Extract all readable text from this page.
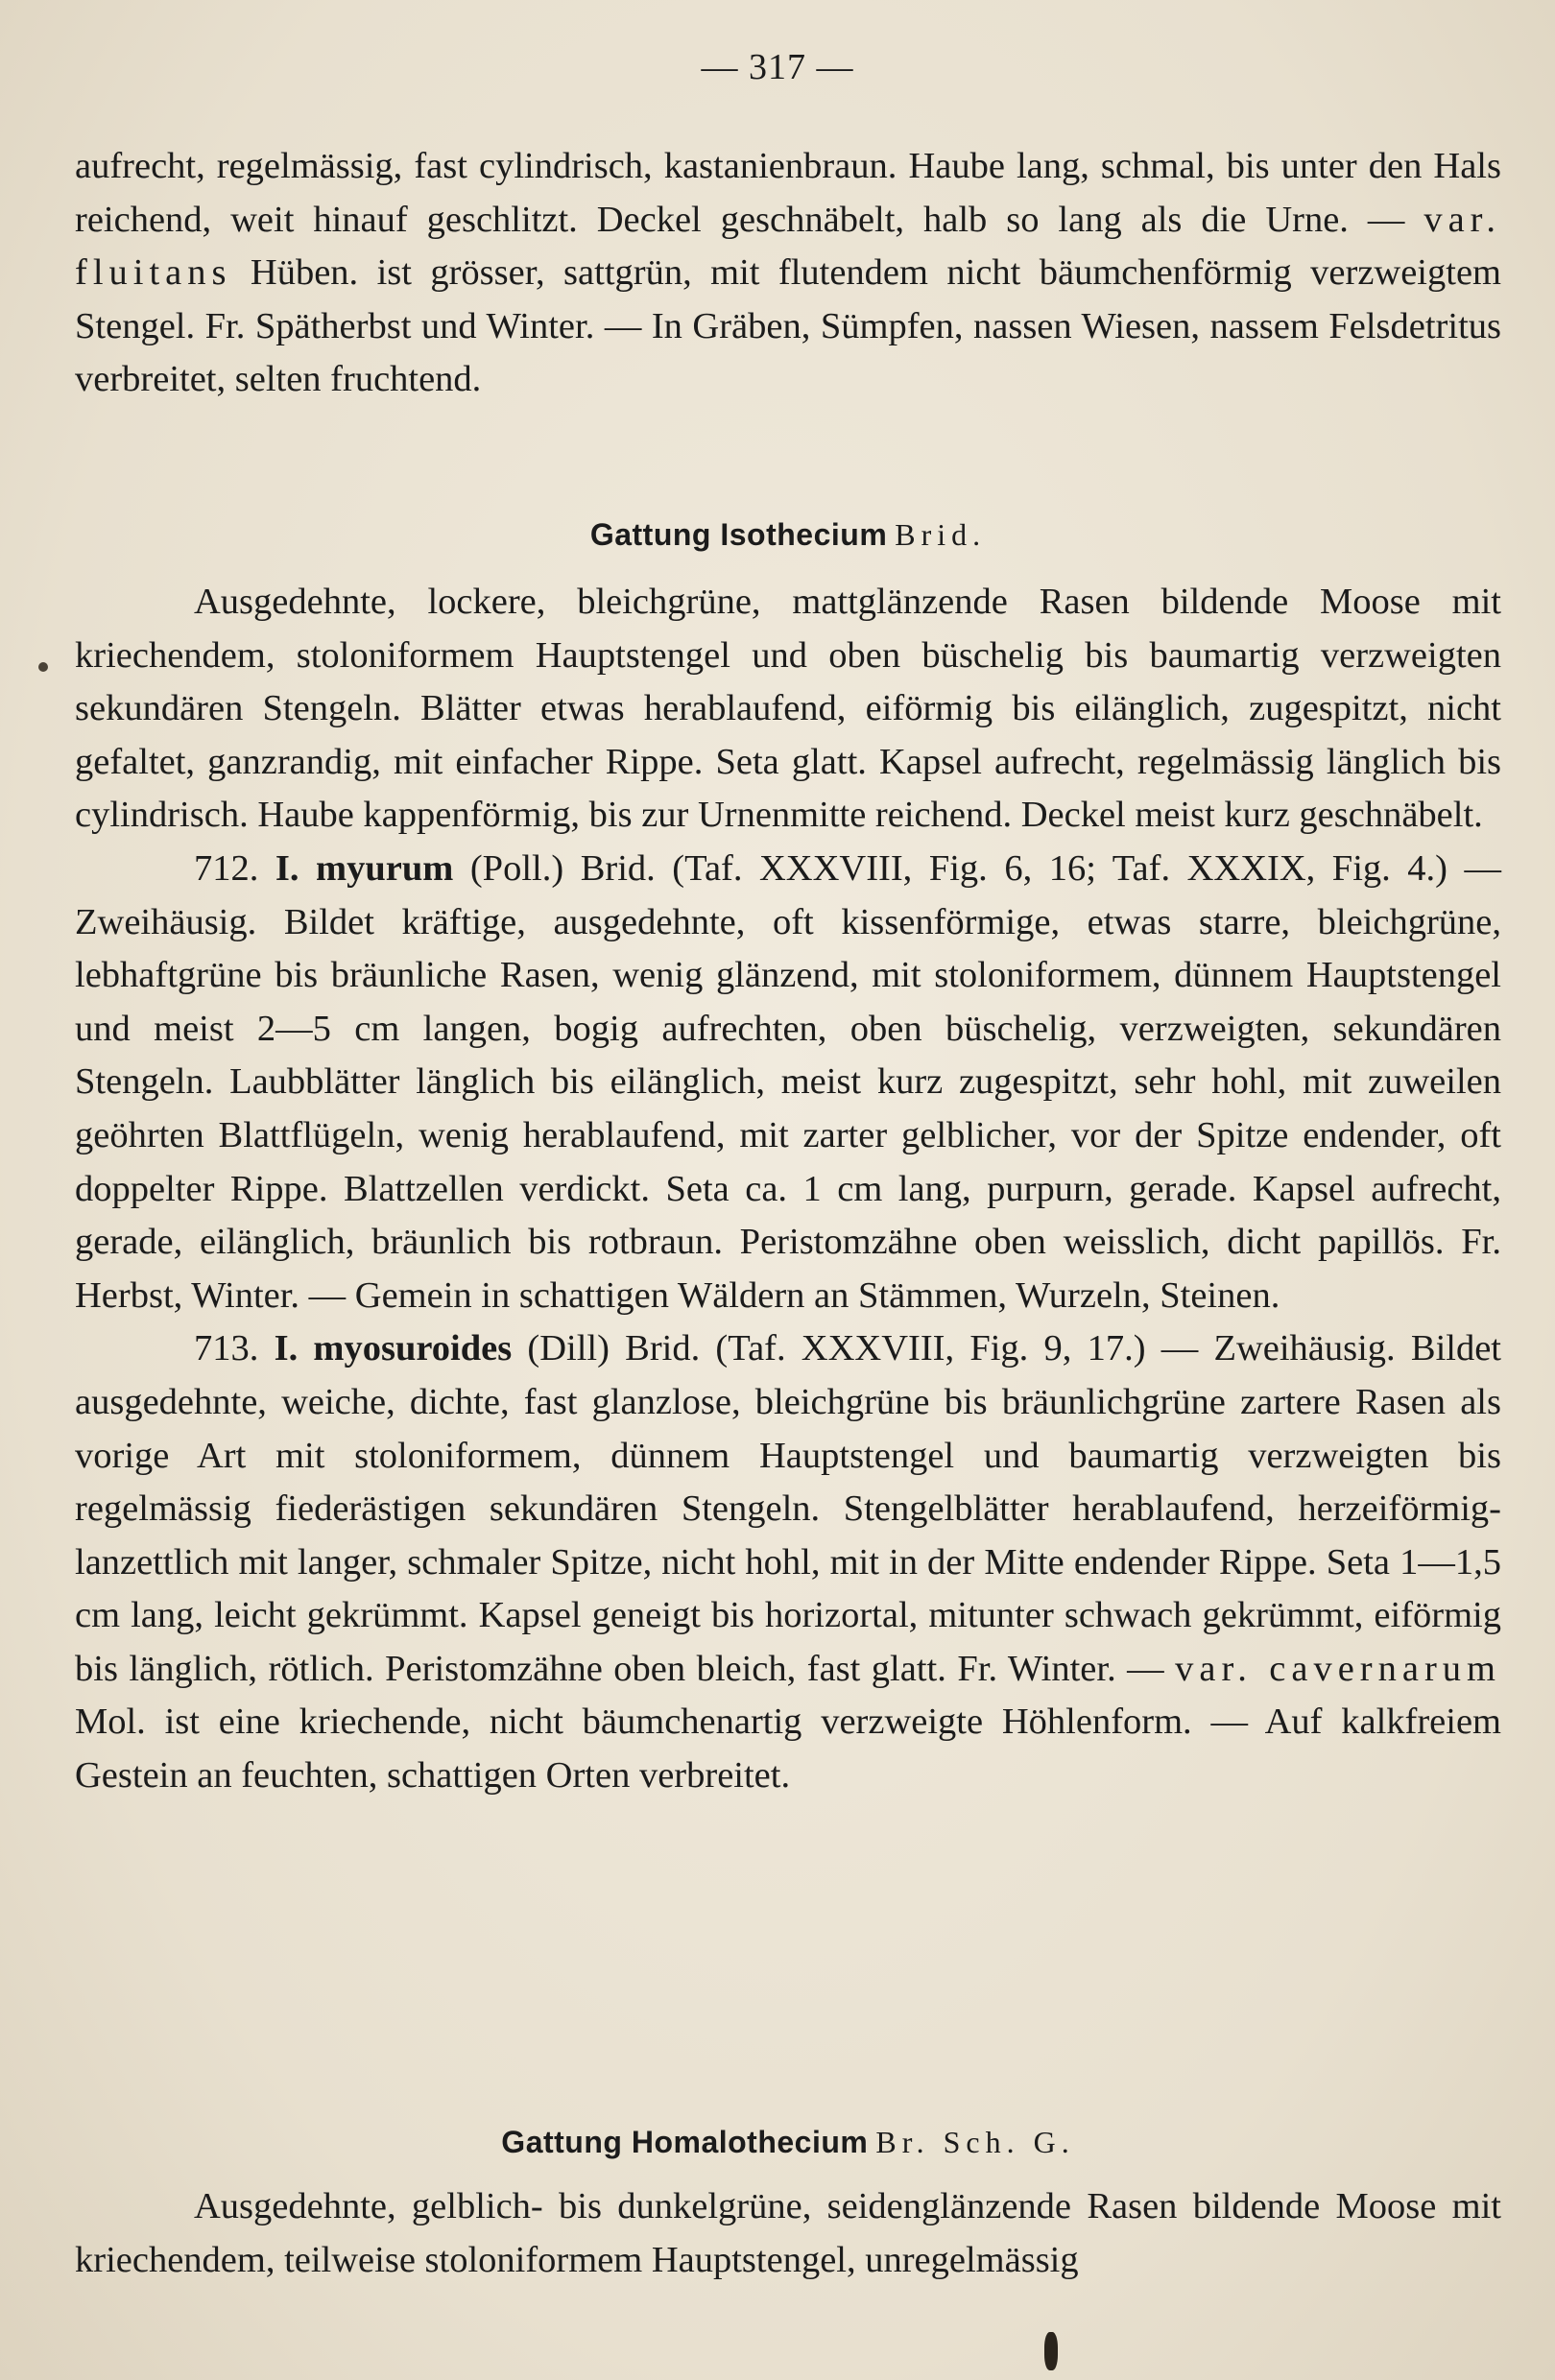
— 317 —

aufrecht, regelmässig, fast cylindrisch, kastanienbraun. Haube lang, schmal, bis unter den Hals reichend, weit hinauf geschlitzt. Deckel geschnäbelt, halb so lang als die Urne. — var. fluitans Hüben. ist grösser, sattgrün, mit flutendem nicht bäumchenförmig verzweigtem Stengel. Fr. Spätherbst und Winter. — In Gräben, Sümpfen, nassen Wiesen, nassem Felsdetritus verbreitet, selten fruchtend.

Gattung Isothecium Brid.

Ausgedehnte, lockere, bleichgrüne, mattglänzende Rasen bildende Moose mit kriechendem, stoloniformem Hauptstengel und oben büschelig bis baumartig verzweigten sekundären Stengeln. Blätter etwas herablaufend, eiförmig bis eilänglich, zugespitzt, nicht gefaltet, ganzrandig, mit einfacher Rippe. Seta glatt. Kapsel aufrecht, regelmässig länglich bis cylindrisch. Haube kappenförmig, bis zur Urnenmitte reichend. Deckel meist kurz geschnäbelt.

712. I. myurum (Poll.) Brid. (Taf. XXXVIII, Fig. 6, 16; Taf. XXXIX, Fig. 4.) — Zweihäusig. Bildet kräftige, ausgedehnte, oft kissenförmige, etwas starre, bleichgrüne, lebhaftgrüne bis bräunliche Rasen, wenig glänzend, mit stoloniformem, dünnem Hauptstengel und meist 2—5 cm langen, bogig aufrechten, oben büschelig, verzweigten, sekundären Stengeln. Laubblätter länglich bis eilänglich, meist kurz zugespitzt, sehr hohl, mit zuweilen geöhrten Blattflügeln, wenig herablaufend, mit zarter gelblicher, vor der Spitze endender, oft doppelter Rippe. Blattzellen verdickt. Seta ca. 1 cm lang, purpurn, gerade. Kapsel aufrecht, gerade, eilänglich, bräunlich bis rotbraun. Peristomzähne oben weisslich, dicht papillös. Fr. Herbst, Winter. — Gemein in schattigen Wäldern an Stämmen, Wurzeln, Steinen.

713. I. myosuroides (Dill) Brid. (Taf. XXXVIII, Fig. 9, 17.) — Zweihäusig. Bildet ausgedehnte, weiche, dichte, fast glanzlose, bleichgrüne bis bräunlichgrüne zartere Rasen als vorige Art mit stoloniformem, dünnem Hauptstengel und baumartig verzweigten bis regelmässig fiederästigen sekundären Stengeln. Stengelblätter herablaufend, herzeiförmig-lanzettlich mit langer, schmaler Spitze, nicht hohl, mit in der Mitte endender Rippe. Seta 1—1,5 cm lang, leicht gekrümmt. Kapsel geneigt bis horizortal, mitunter schwach gekrümmt, eiförmig bis länglich, rötlich. Peristomzähne oben bleich, fast glatt. Fr. Winter. — var. cavernarum Mol. ist eine kriechende, nicht bäumchenartig verzweigte Höhlenform. — Auf kalkfreiem Gestein an feuchten, schattigen Orten verbreitet.

Gattung Homalothecium Br. Sch. G.

Ausgedehnte, gelblich- bis dunkelgrüne, seidenglänzende Rasen bildende Moose mit kriechendem, teilweise stoloniformem Hauptstengel, unregelmässig
